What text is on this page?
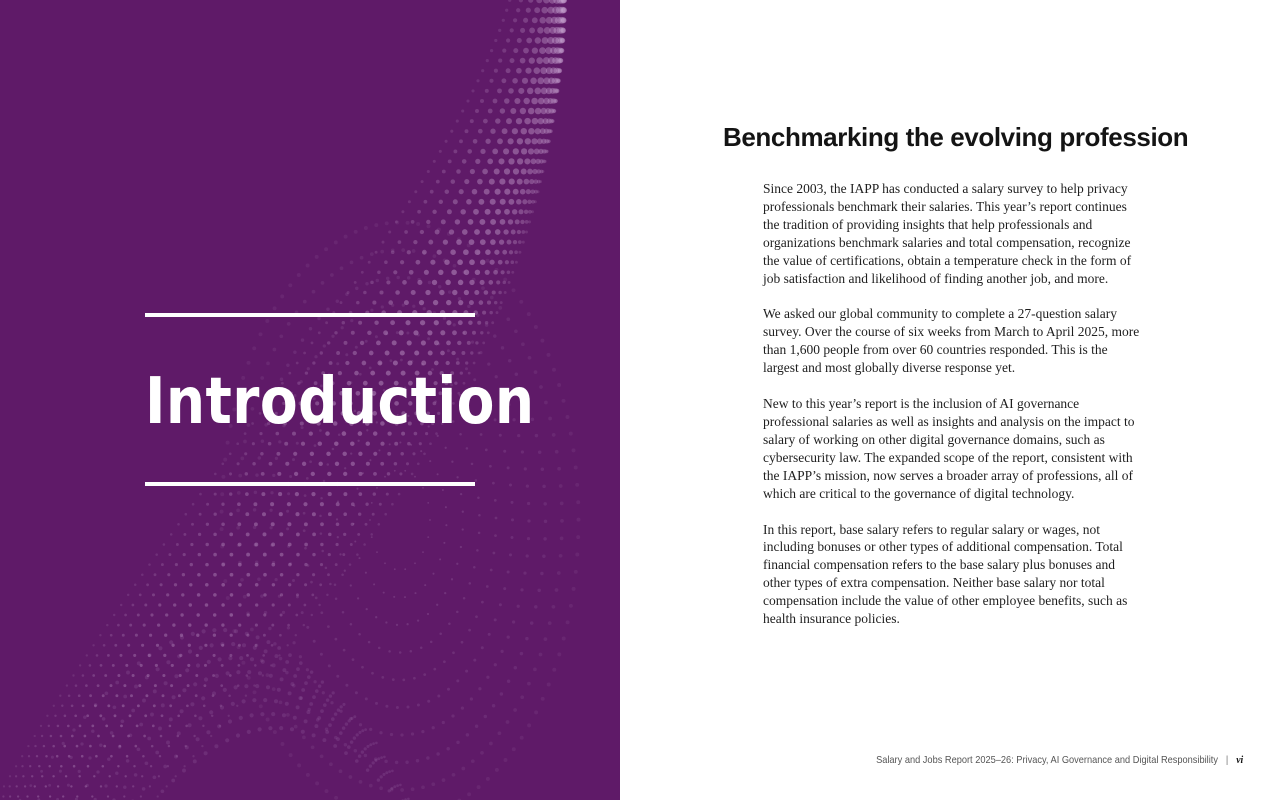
Introduction
Benchmarking the evolving profession

Since 2003, the IAPP has conducted a salary survey to help privacy professionals benchmark their salaries. This year’s report continues the tradition of providing insights that help professionals and organizations benchmark salaries and total compensation, recognize the value of certifications, obtain a temperature check in the form of job satisfaction and likelihood of finding another job, and more.

We asked our global community to complete a 27-question salary survey. Over the course of six weeks from March to April 2025, more than 1,600 people from over 60 countries responded. This is the largest and most globally diverse response yet.

New to this year’s report is the inclusion of AI governance professional salaries as well as insights and analysis on the impact to salary of working on other digital governance domains, such as cybersecurity law. The expanded scope of the report, consistent with the IAPP’s mission, now serves a broader array of professions, all of which are critical to the governance of digital technology.

In this report, base salary refers to regular salary or wages, not including bonuses or other types of additional compensation. Total financial compensation refers to the base salary plus bonuses and other types of extra compensation. Neither base salary nor total compensation include the value of other employee benefits, such as health insurance policies.

Salary and Jobs Report 2025–26: Privacy, AI Governance and Digital Responsibility | vi
